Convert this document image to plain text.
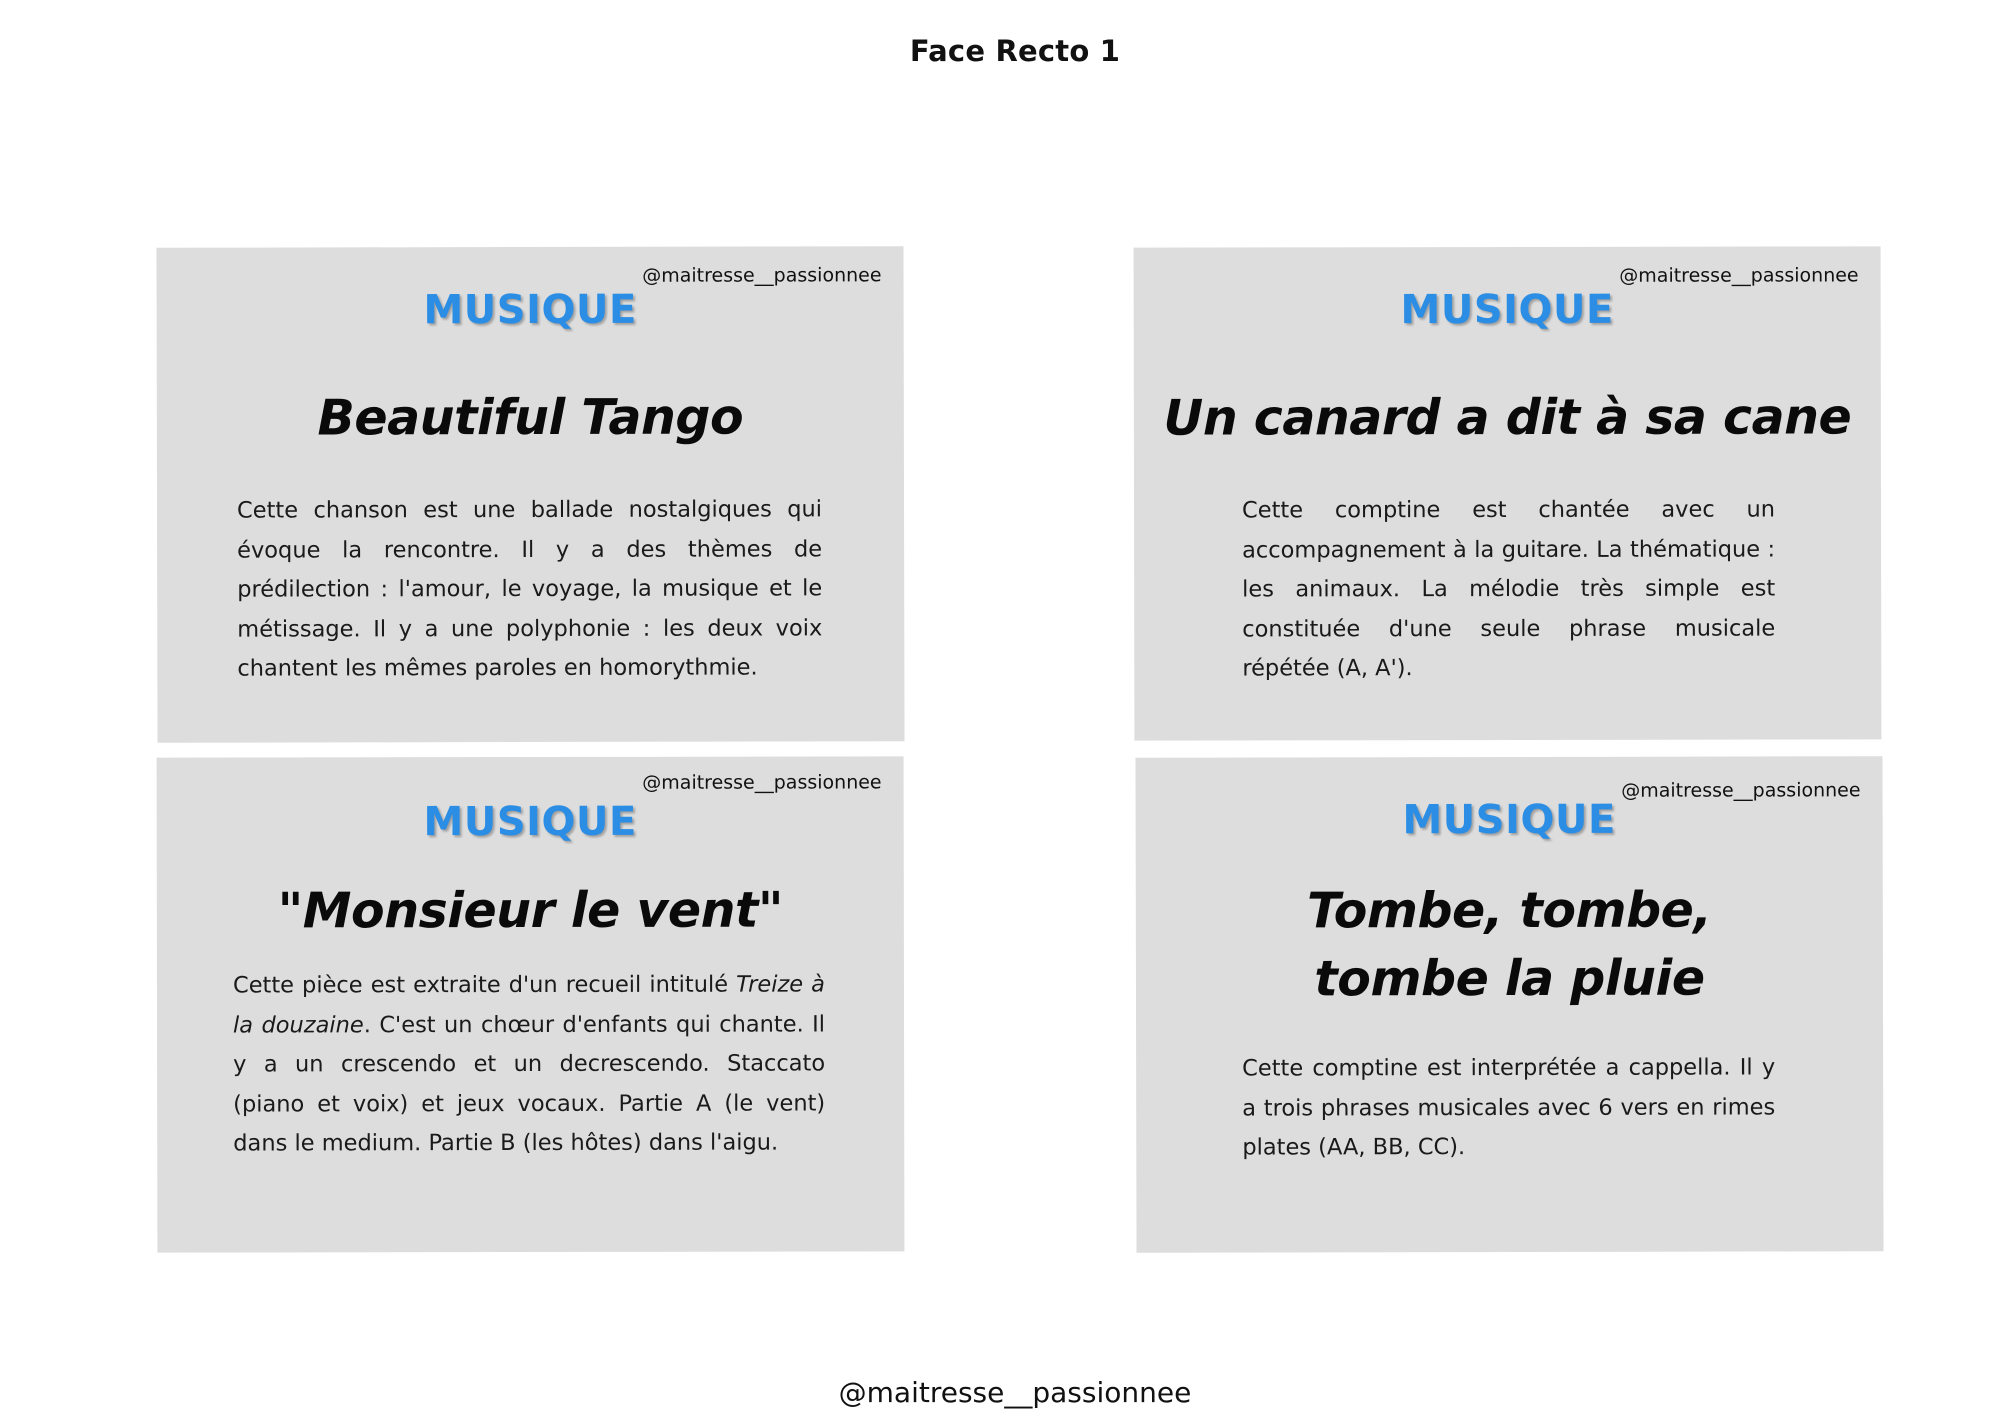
Face Recto 1
@maitresse__passionnee
MUSIQUE
Beautiful Tango
Cette chanson est une ballade nostalgiques qui évoque la rencontre. Il y a des thèmes de prédilection : l'amour, le voyage, la musique et le métissage. Il y a une polyphonie : les deux voix chantent les mêmes paroles en homorythmie.
@maitresse__passionnee
MUSIQUE
Un canard a dit à sa cane
Cette comptine est chantée avec un accompagnement à la guitare. La thématique : les animaux. La mélodie très simple est constituée d'une seule phrase musicale répétée (A, A').
@maitresse__passionnee
MUSIQUE
"Monsieur le vent"
Cette pièce est extraite d'un recueil intitulé Treize à la douzaine. C'est un chœur d'enfants qui chante. Il y a un crescendo et un decrescendo. Staccato (piano et voix) et jeux vocaux. Partie A (le vent) dans le medium. Partie B (les hôtes) dans l'aigu.
@maitresse__passionnee
MUSIQUE
Tombe, tombe,
tombe la pluie
Cette comptine est interprétée a cappella. Il y a trois phrases musicales avec 6 vers en rimes plates (AA, BB, CC).
@maitresse__passionnee
